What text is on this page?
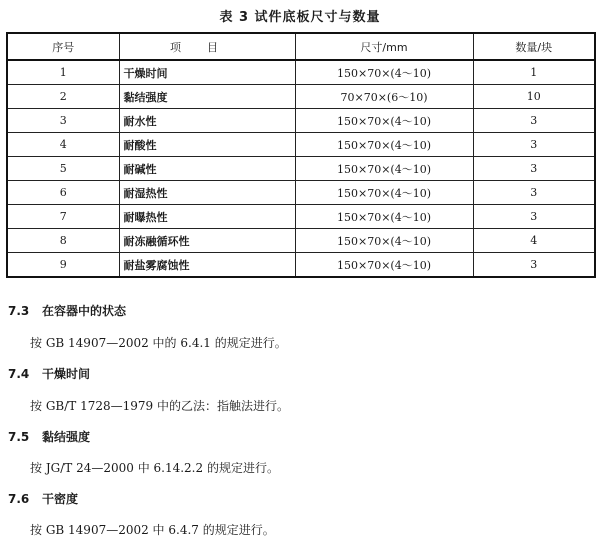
表 3 试件底板尺寸与数量
序号	项目	尺寸/mm	数量/块
1	干燥时间	150×70×(4～10)	1
2	黏结强度	70×70×(6～10)	10
3	耐水性	150×70×(4～10)	3
4	耐酸性	150×70×(4～10)	3
5	耐碱性	150×70×(4～10)	3
6	耐湿热性	150×70×(4～10)	3
7	耐曝热性	150×70×(4～10)	3
8	耐冻融循环性	150×70×(4～10)	4
9	耐盐雾腐蚀性	150×70×(4～10)	3
7.3 在容器中的状态
按 GB 14907—2002 中的 6.4.1 的规定进行。
7.4 干燥时间
按 GB/T 1728—1979 中的乙法：指触法进行。
7.5 黏结强度
按 JG/T 24—2000 中 6.14.2.2 的规定进行。
7.6 干密度
按 GB 14907—2002 中 6.4.7 的规定进行。
